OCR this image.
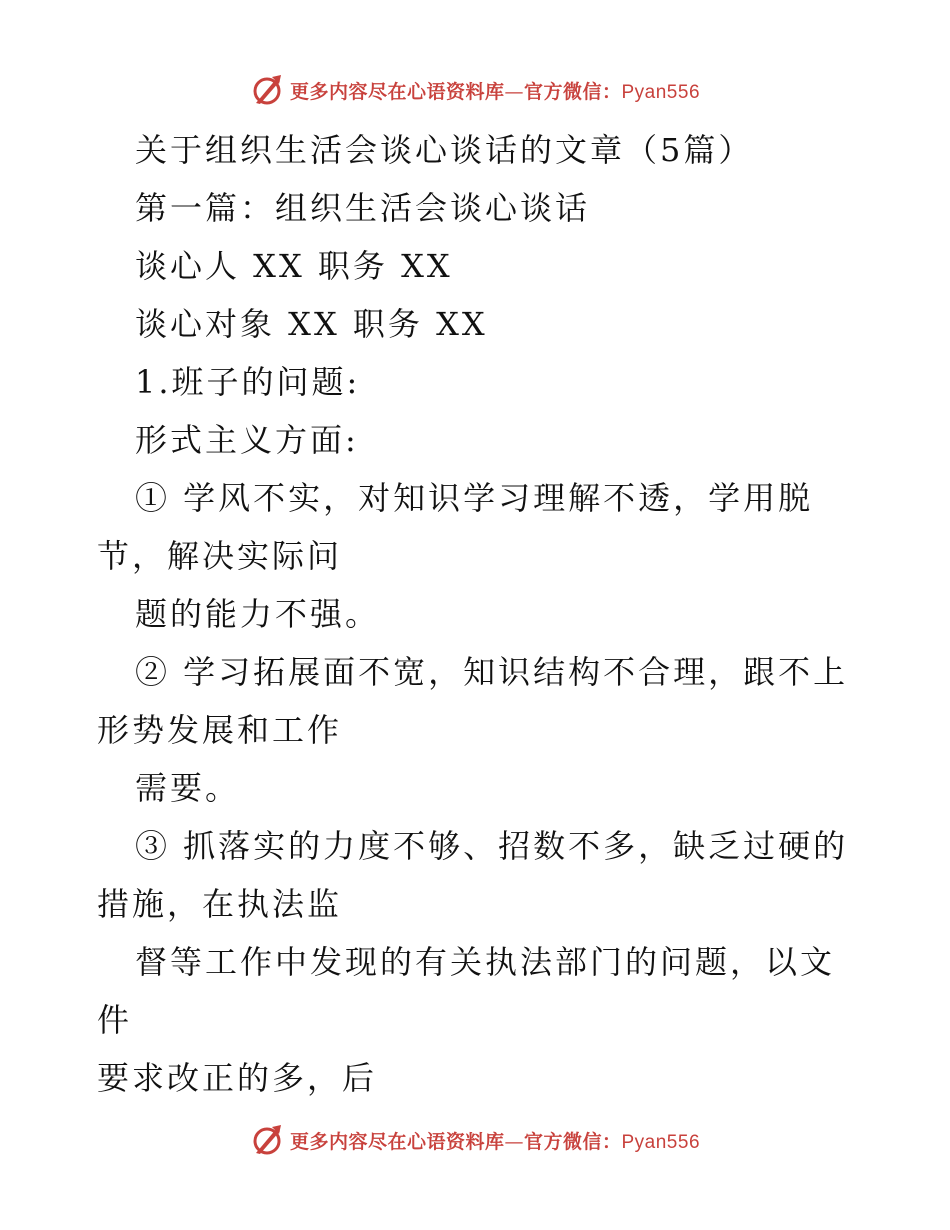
更多内容尽在心语资料库—官方微信：Pyan556

关于组织生活会谈心谈话的文章（5篇）

第一篇：组织生活会谈心谈话

谈心人 XX 职务 XX

谈心对象 XX 职务 XX

1.班子的问题:

形式主义方面:

① 学风不实，对知识学习理解不透，学用脱

节，解决实际问

题的能力不强。

② 学习拓展面不宽，知识结构不合理，跟不上

形势发展和工作

需要。

③ 抓落实的力度不够、招数不多，缺乏过硬的

措施，在执法监

督等工作中发现的有关执法部门的问题，以文件

要求改正的多，后

更多内容尽在心语资料库—官方微信：Pyan556
